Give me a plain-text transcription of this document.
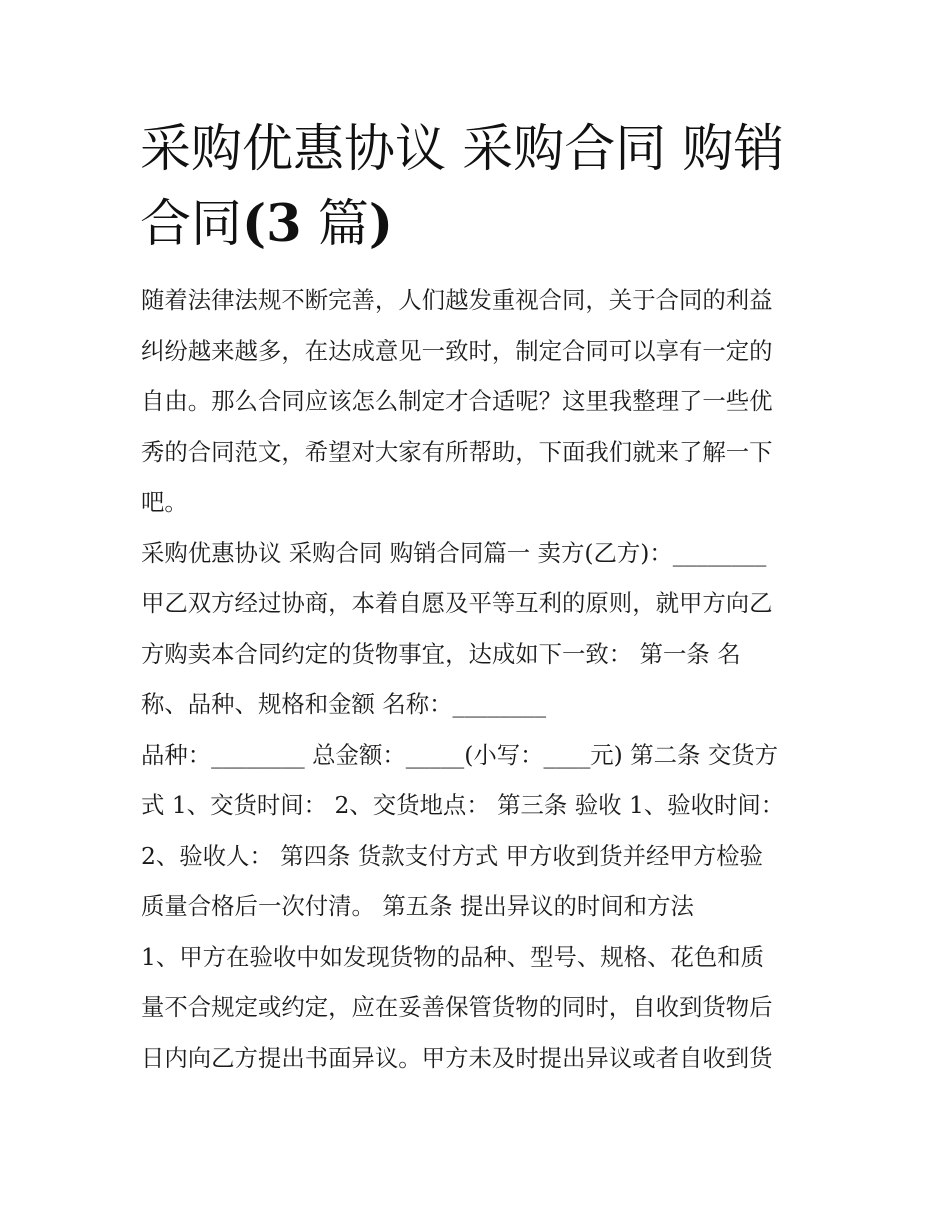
采购优惠协议 采购合同 购销
合同(3 篇)

随着法律法规不断完善，人们越发重视合同，关于合同的利益

纠纷越来越多，在达成意见一致时，制定合同可以享有一定的

自由。那么合同应该怎么制定才合适呢？这里我整理了一些优

秀的合同范文，希望对大家有所帮助，下面我们就来了解一下

吧。

采购优惠协议 采购合同 购销合同篇一 卖方(乙方)：________

甲乙双方经过协商，本着自愿及平等互利的原则，就甲方向乙

方购卖本合同约定的货物事宜，达成如下一致： 第一条 名

称、品种、规格和金额 名称：________

品种：________ 总金额：_____(小写：____元) 第二条 交货方

式 1、交货时间： 2、交货地点： 第三条 验收 1、验收时间：

2、验收人： 第四条 货款支付方式 甲方收到货并经甲方检验

质量合格后一次付清。 第五条 提出异议的时间和方法

1、甲方在验收中如发现货物的品种、型号、规格、花色和质

量不合规定或约定，应在妥善保管货物的同时，自收到货物后

日内向乙方提出书面异议。甲方未及时提出异议或者自收到货
